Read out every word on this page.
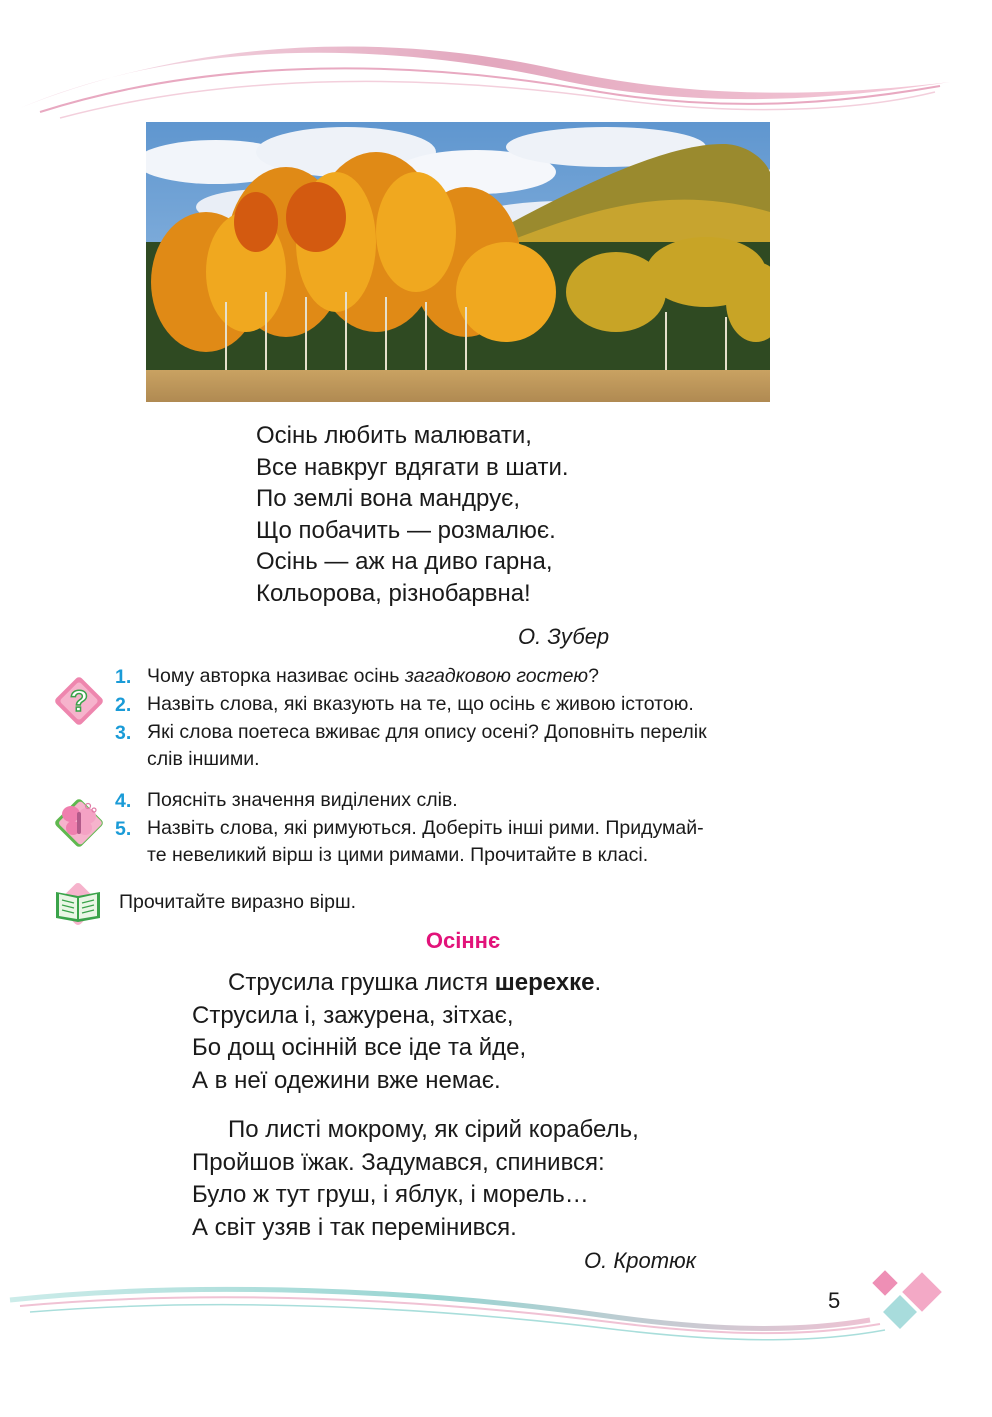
Осінь любить малювати,
Все навкруг вдягати в шати.
По землі вона мандрує,
Що побачить — розмалює.
Осінь — аж на диво гарна,
Кольорова, різнобарвна!
О. Зубер
?
1. Чому авторка називає осінь загадковою гостею?
2. Назвіть слова, які вказують на те, що осінь є живою істотою.
3. Які слова поетеса вживає для опису осені? Доповніть перелік
слів іншими.
4. Поясніть значення виділених слів.
5. Назвіть слова, які римуються. Доберіть інші рими. Придумай-
те невеликий вірш із цими римами. Прочитайте в класі.
Прочитайте виразно вірш.
Осіннє
Струсила грушка листя шерехке.
Струсила і, зажурена, зітхає,
Бо дощ осінній все іде та йде,
А в неї одежини вже немає.
По листі мокрому, як сірий корабель,
Пройшов їжак. Задумався, спинився:
Було ж тут груш, і яблук, і морель…
А світ узяв і так перемінився.
О. Кротюк
5
